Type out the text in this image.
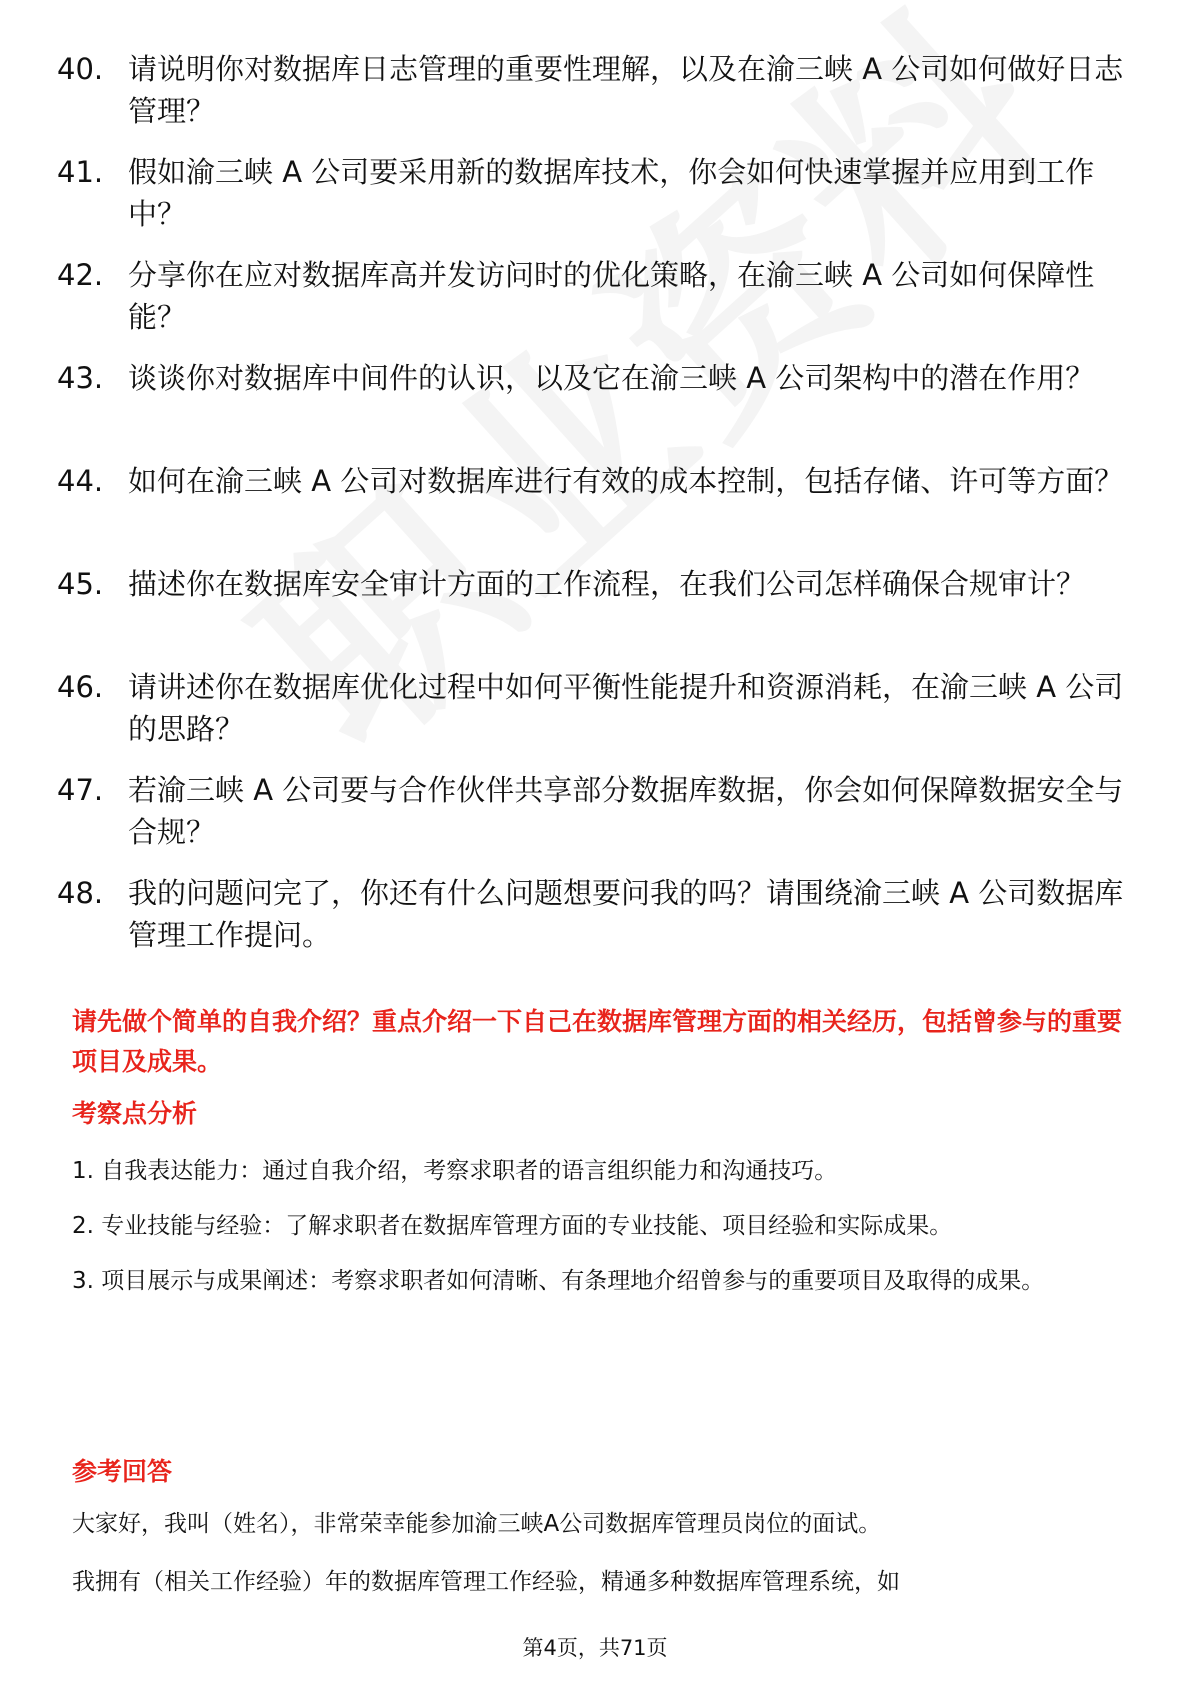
40. 请说明你对数据库日志管理的重要性理解，以及在渝三峡 A 公司如何做好日志管理？
41. 假如渝三峡 A 公司要采用新的数据库技术，你会如何快速掌握并应用到工作中？
42. 分享你在应对数据库高并发访问时的优化策略，在渝三峡 A 公司如何保障性能？
43. 谈谈你对数据库中间件的认识，以及它在渝三峡 A 公司架构中的潜在作用？
44. 如何在渝三峡 A 公司对数据库进行有效的成本控制，包括存储、许可等方面？
45. 描述你在数据库安全审计方面的工作流程，在我们公司怎样确保合规审计？
46. 请讲述你在数据库优化过程中如何平衡性能提升和资源消耗，在渝三峡 A 公司的思路？
47. 若渝三峡 A 公司要与合作伙伴共享部分数据库数据，你会如何保障数据安全与合规？
48. 我的问题问完了，你还有什么问题想要问我的吗？请围绕渝三峡 A 公司数据库管理工作提问。
请先做个简单的自我介绍？重点介绍一下自己在数据库管理方面的相关经历，包括曾参与的重要项目及成果。
考察点分析

1. 自我表达能力：通过自我介绍，考察求职者的语言组织能力和沟通技巧。

2. 专业技能与经验：了解求职者在数据库管理方面的专业技能、项目经验和实际成果。

3. 项目展示与成果阐述：考察求职者如何清晰、有条理地介绍曾参与的重要项目及取得的成果。

参考回答

大家好，我叫（姓名），非常荣幸能参加渝三峡A公司数据库管理员岗位的面试。

我拥有（相关工作经验）年的数据库管理工作经验，精通多种数据库管理系统，如

第4页，共71页
